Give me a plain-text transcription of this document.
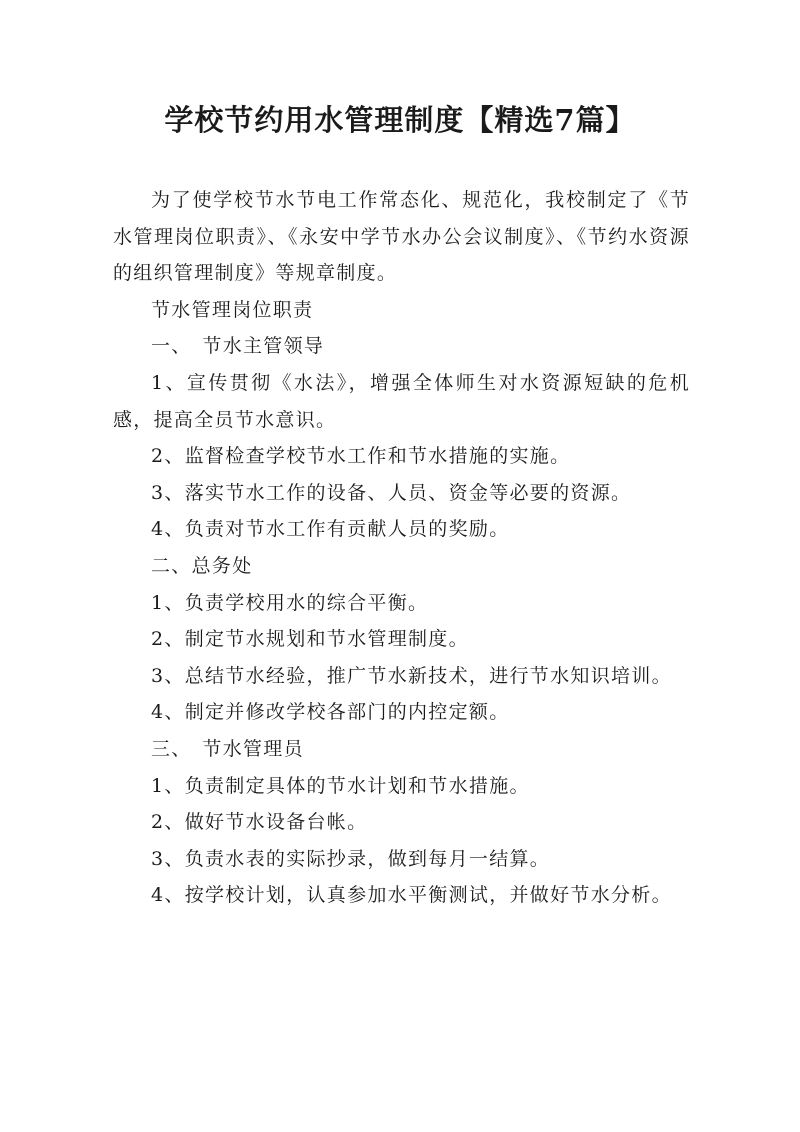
学校节约用水管理制度【精选7篇】

为了使学校节水节电工作常态化、规范化，我校制定了《节水管理岗位职责》、《永安中学节水办公会议制度》、《节约水资源的组织管理制度》等规章制度。

节水管理岗位职责

一、　节水主管领导

1、宣传贯彻《水法》，增强全体师生对水资源短缺的危机感，提高全员节水意识。

2、监督检查学校节水工作和节水措施的实施。

3、落实节水工作的设备、人员、资金等必要的资源。

4、负责对节水工作有贡献人员的奖励。

二、总务处

1、负责学校用水的综合平衡。

2、制定节水规划和节水管理制度。

3、总结节水经验，推广节水新技术，进行节水知识培训。

4、制定并修改学校各部门的内控定额。

三、　节水管理员

1、负责制定具体的节水计划和节水措施。

2、做好节水设备台帐。

3、负责水表的实际抄录，做到每月一结算。

4、按学校计划，认真参加水平衡测试，并做好节水分析。
